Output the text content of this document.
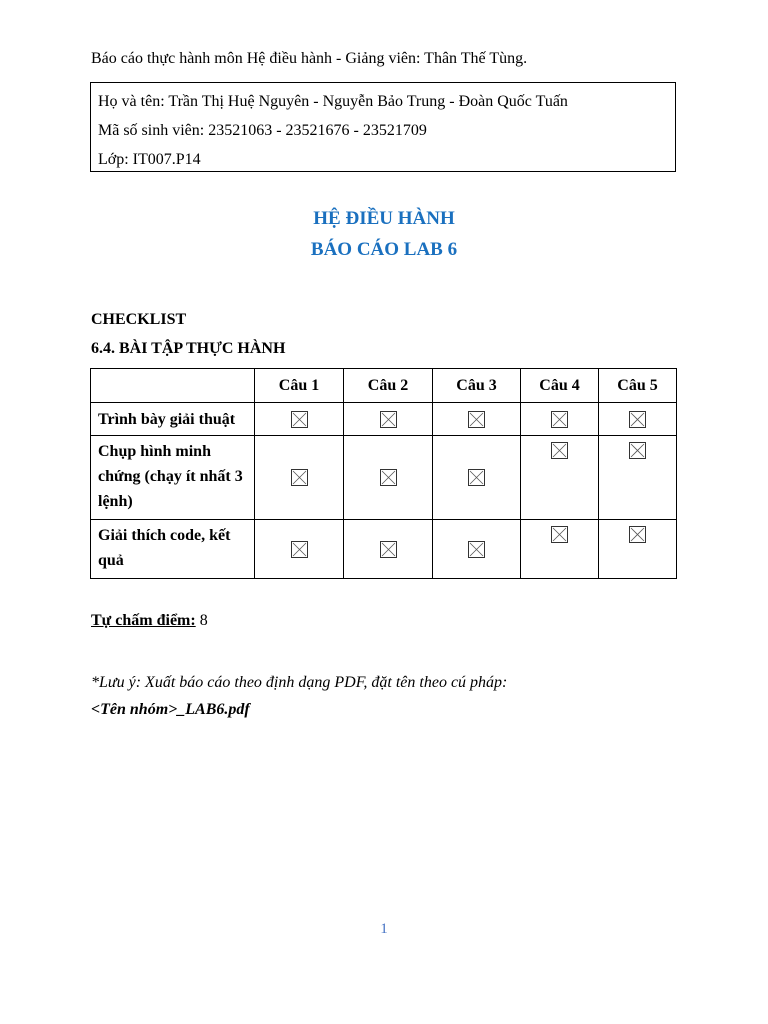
Báo cáo thực hành môn Hệ điều hành - Giảng viên: Thân Thế Tùng.
Họ và tên: Trần Thị Huệ Nguyên - Nguyễn Bảo Trung - Đoàn Quốc Tuấn
Mã số sinh viên: 23521063 - 23521676 - 23521709
Lớp: IT007.P14
HỆ ĐIỀU HÀNH
BÁO CÁO LAB 6
CHECKLIST
6.4. BÀI TẬP THỰC HÀNH
	Câu 1	Câu 2	Câu 3	Câu 4	Câu 5
Trình bày giải thuật					
Chụp hình minh chứng (chạy ít nhất 3 lệnh)					
Giải thích code, kết quả					
Tự chấm điểm: 8
*Lưu ý: Xuất báo cáo theo định dạng PDF, đặt tên theo cú pháp:
<Tên nhóm>_LAB6.pdf
1
